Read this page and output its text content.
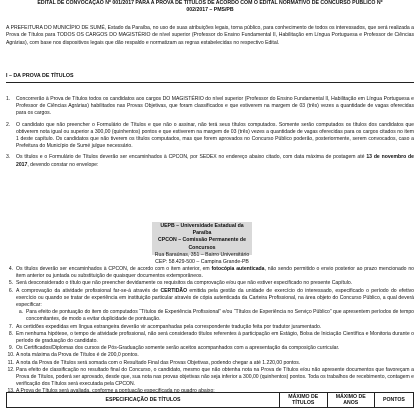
EDITAL DE CONVOCAÇÃO Nº 001/2017 PARA A PROVA DE TÍTULOS DE ACORDO COM O EDITAL NORMATIVO DE CONCURSO PÚBLICO Nº
002/2017 – PMS/PB
A PREFEITURA DO MUNICÍPIO DE SUMÉ, Estado da Paraíba, no uso de suas atribuições legais, torna público, para conhecimento de todos os interessados, que será realizada a Prova de Títulos para TODOS OS CARGOS DO MAGISTÉRIO de nível superior (Professor do Ensino Fundamental II, Habilitação em Língua Portuguesa e Professor de Ciências Agrárias), com base nos dispositivos legais que dão respaldo e normatizam as regras estabelecidas no respectivo Edital.
I – DA PROVA DE TÍTULOS
1.	Concorrerão à Prova de Títulos todos os candidatos aos cargos DO MAGISTÉRIO do nível superior (Professor do Ensino Fundamental II, Habilitação em Língua Portuguesa e Professor de Ciências Agrárias) habilitados nas Provas Objetivas, que foram classificados e que estiverem na margem de 03 (três) vezes a quantidade de vagas oferecidas para os cargos.
2.	O candidato que não preencher o Formulário de Títulos e que não o assinar, não terá seus títulos computados. Somente serão computados os títulos dos candidatos que obtiverem nota igual ou superior a 300,00 (quinhentos) pontos e que estiverem na margem de 03 (três) vezes a quantidade de vagas oferecidas para os cargos citados no item 1 deste capítulo. Os candidatos que não tiverem os títulos computados, mas que forem aprovados no Concurso Público poderão, posteriormente, serem convocados, caso a Prefeitura do Município de Sumé julgue necessário.
3.	Os títulos e o Formulário de Títulos deverão ser encaminhados à CPCON, por SEDEX no endereço abaixo citado, com data máxima de postagem até 13 de novembro de 2017, devendo constar no envelope:
UEPB – Universidade Estadual da Paraíba
CPCON – Comissão Permanente de Concursos
Rua Baraúnas, 351 – Bairro Universitário
CEP: 58.429-500 – Campina Grande-PB
4. Os títulos deverão ser encaminhados à CPCON, de acordo com o item anterior, em fotocópia autenticada, não sendo permitido o envio posterior ao prazo mencionado no item anterior ou juntada ou substituição de quaisquer documentos extemporâneos.
5. Será desconsiderado o título que não preencher devidamente os requisitos da comprovação e/ou que não estiver especificado no presente Capítulo.
6. A comprovação da atividade profissional far-se-á através de CERTIDÃO emitida pela gestão da unidade de exercício do interessado, especificado o período do efetivo exercício ou quando se tratar de experiência em instituição particular através de cópia autenticada da Carteira Profissional, na área objeto do Concurso Público, a qual deverá especificar:
a. Para efeito de pontuação do item do computados “Títulos de Experiência Profissional” e/ou “Títulos de Experiência no Serviço Público” que apresentem períodos de tempo concomitantes, de modo a evitar duplicidade de pontuação.
7. As certidões expedidas em língua estrangeira deverão vir acompanhadas pela correspondente tradução feita por tradutor juramentado.
8. Em nenhuma hipótese, o tempo de atividade profissional, não será considerado títulos referentes à participação em Estágio, Bolsa de Iniciação Científica e Monitoria durante o período de graduação do candidato.
9. Os Certificados/Diplomas dos cursos de Pós-Graduação somente serão aceitos acompanhados com a apresentação da composição curricular.
10. A nota máxima da Prova de Títulos é de 200,0 pontos.
11. A nota da Prova de Títulos será somada com o Resultado Final das Provas Objetivas, podendo chegar a até 1.220,00 pontos.
12. Para efeito de classificação no resultado final do Concurso, o candidato, mesmo que não obtenha nota na Prova de Títulos e/ou não apresente documentos que favoreçam a Prova de Títulos, poderá ser aprovado, desde que, sua nota nas provas objetivas não seja inferior a 300,00 (quinhentos) pontos. Toda os trabalhos de recebimento, contagem e verificação dos Títulos será executada pela CPCON.
13. A Prova de Títulos será avaliada, conforme a pontuação especificada no quadro abaixo:
ESPECIFICAÇÃO DE TÍTULOS	MÁXIMO DE TÍTULOS	MÁXIMO DE ANOS	PONTOS
